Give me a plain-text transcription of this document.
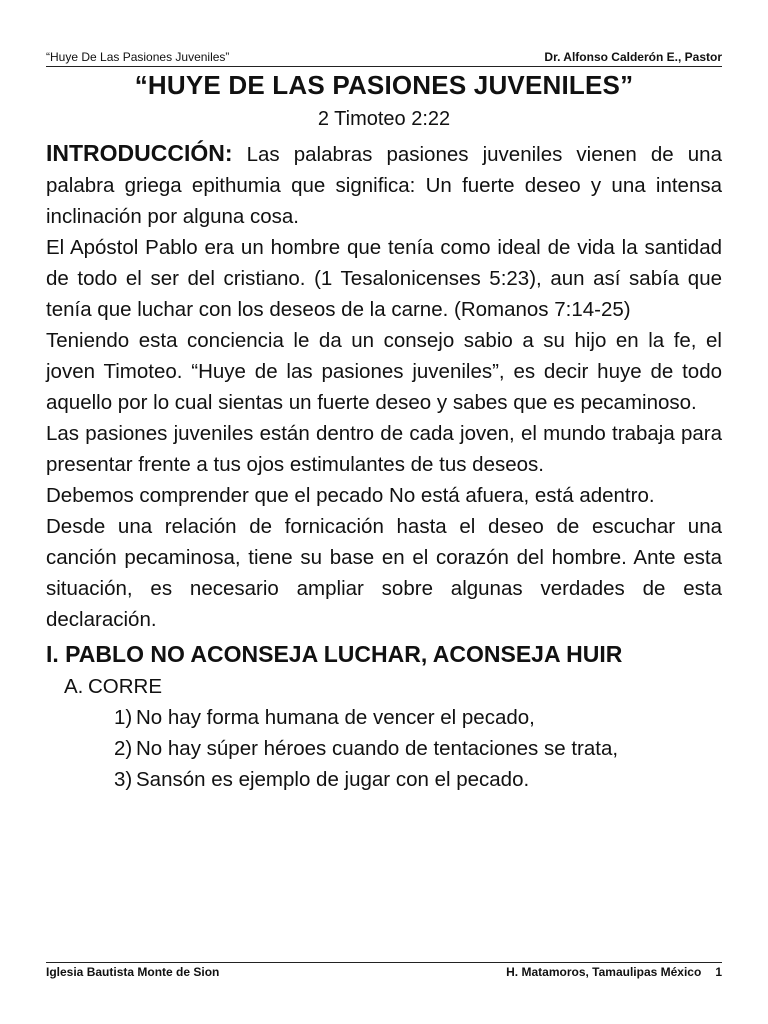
“Huye De Las Pasiones Juveniles”	Dr. Alfonso Calderón E., Pastor
“HUYE DE LAS PASIONES JUVENILES”
2 Timoteo 2:22

INTRODUCCIÓN: Las palabras pasiones juveniles vienen de una palabra griega epithumia que significa: Un fuerte deseo y una intensa inclinación por alguna cosa.

El Apóstol Pablo era un hombre que tenía como ideal de vida la santidad de todo el ser del cristiano. (1 Tesalonicenses 5:23), aun así sabía que tenía que luchar con los deseos de la carne. (Romanos 7:14-25)

Teniendo esta conciencia le da un consejo sabio a su hijo en la fe, el joven Timoteo. “Huye de las pasiones juveniles”, es decir huye de todo aquello por lo cual sientas un fuerte deseo y sabes que es pecaminoso.

Las pasiones juveniles están dentro de cada joven, el mundo trabaja para presentar frente a tus ojos estimulantes de tus deseos.

Debemos comprender que el pecado No está afuera, está adentro.

Desde una relación de fornicación hasta el deseo de escuchar una canción pecaminosa, tiene su base en el corazón del hombre. Ante esta situación, es necesario ampliar sobre algunas verdades de esta declaración.

I. PABLO NO ACONSEJA LUCHAR, ACONSEJA HUIR

A. CORRE

1) No hay forma humana de vencer el pecado,
2) No hay súper héroes cuando de tentaciones se trata,
3) Sansón es ejemplo de jugar con el pecado.
Iglesia Bautista Monte de Sion	H. Matamoros, Tamaulipas México 1
